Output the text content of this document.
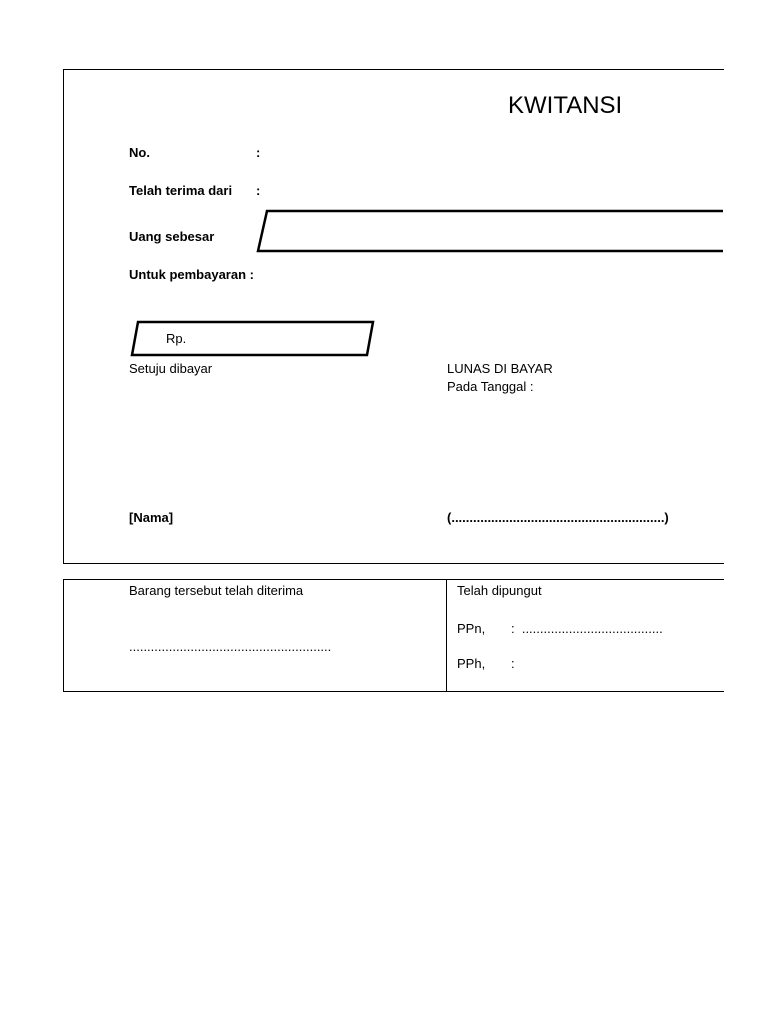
KWITANSI
No.	:
Telah terima dari :
Uang sebesar
Untuk pembayaran :
Rp.
Setuju dibayar	LUNAS DI BAYAR
Pada Tanggal :
[Nama]	(...........................................................)
Barang tersebut telah diterima
........................................................
Telah dipungut
PPn, :  .......................................
PPh, :
